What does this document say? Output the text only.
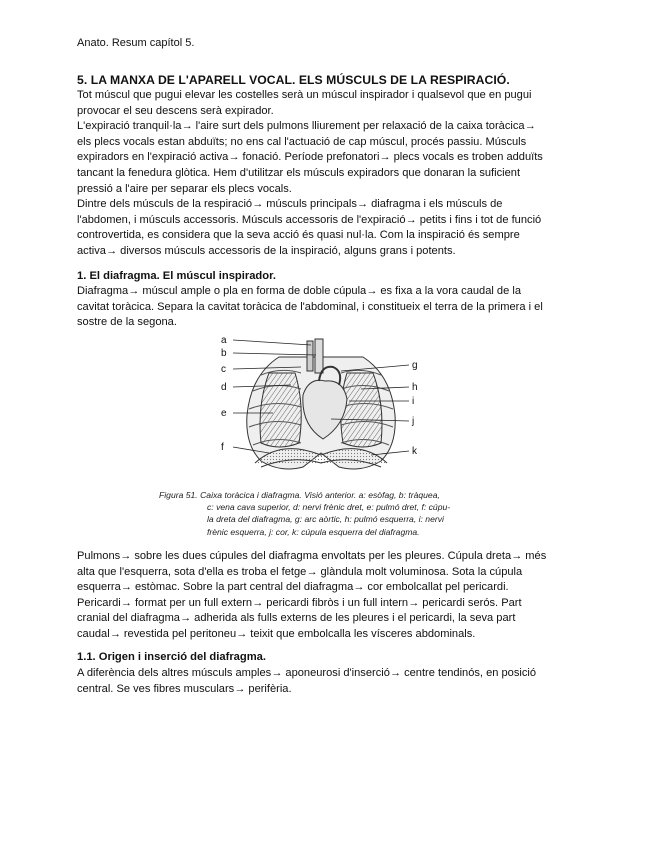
Anato. Resum capítol 5.
5. LA MANXA DE L'APARELL VOCAL. ELS MÚSCULS DE LA RESPIRACIÓ.

Tot múscul que pugui elevar les costelles serà un múscul inspirador i qualsevol que en pugui

provocar el seu descens serà expirador.

L'expiració tranquil·la→ l'aire surt dels pulmons lliurement per relaxació de la caixa toràcica→

els plecs vocals estan abduïts; no ens cal l'actuació de cap múscul, procés passiu. Músculs

expiradors en l'expiració activa→ fonació. Període prefonatori→ plecs vocals es troben adduïts

tancant la fenedura glòtica. Hem d'utilitzar els músculs expiradors que donaran la suficient

pressió a l'aire per separar els plecs vocals.

Dintre dels músculs de la respiració→ músculs principals→ diafragma i els músculs de

l'abdomen, i músculs accessoris. Músculs accessoris de l'expiració→ petits i fins i tot de funció

controvertida, es considera que la seva acció és quasi nul·la. Com la inspiració és sempre

activa→ diversos músculs accessoris de la inspiració, alguns grans i potents.

1. El diafragma. El múscul inspirador.

Diafragma→ múscul ample o pla en forma de doble cúpula→ es fixa a la vora caudal de la

cavitat toràcica. Separa la cavitat toràcica de l'abdominal, i constitueix el terra de la primera i el

sostre de la segona.

a
b
c
d
e
f
g
h
i
j
k
Figura 51. Caixa toràcica i diafragma. Visió anterior. a: esòfag, b: tràquea,
c: vena cava superior, d: nervi frènic dret, e: pulmó dret, f: cúpu-
la dreta del diafragma, g: arc aòrtic, h: pulmó esquerra, i: nervi
frènic esquerra, j: cor, k: cúpula esquerra del diafragma.

Pulmons→ sobre les dues cúpules del diafragma envoltats per les pleures. Cúpula dreta→ més

alta que l'esquerra, sota d'ella es troba el fetge→ glàndula molt voluminosa. Sota la cúpula

esquerra→ estòmac. Sobre la part central del diafragma→ cor embolcallat pel pericardi.

Pericardi→ format per un full extern→ pericardi fibròs i un full intern→ pericardi serós. Part

cranial del diafragma→ adherida als fulls externs de les pleures i el pericardi, la seva part

caudal→ revestida pel peritoneu→ teixit que embolcalla les vísceres abdominals.

1.1. Origen i inserció del diafragma.

A diferència dels altres músculs amples→ aponeurosi d'inserció→ centre tendinós, en posició

central. Se ves fibres musculars→ perifèria.
